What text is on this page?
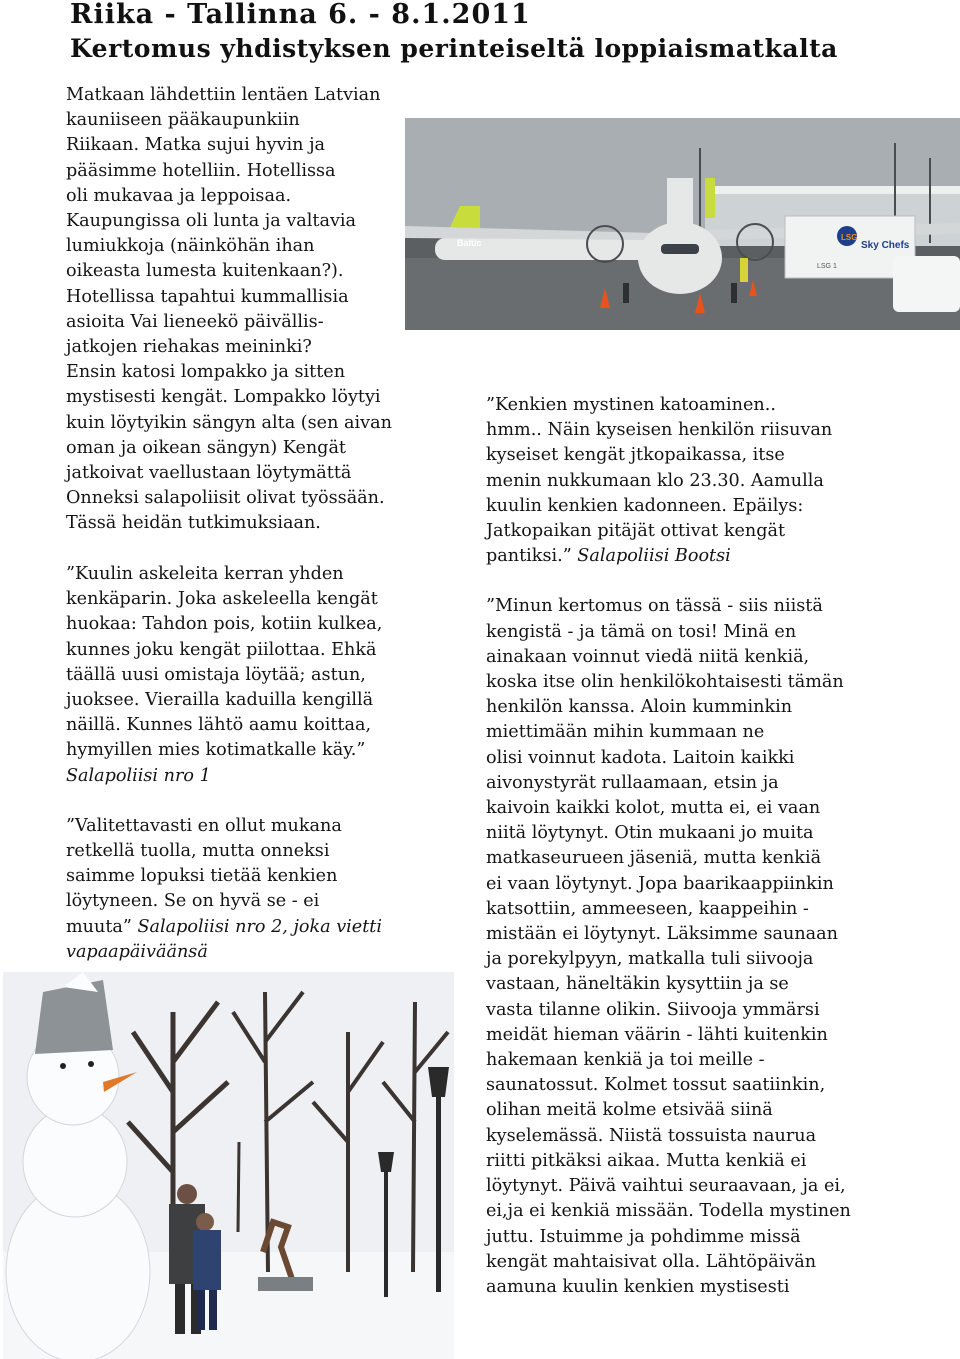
Riika - Tallinna 6. - 8.1.2011
Kertomus yhdistyksen perinteiseltä loppiaismatkalta
Matkaan lähdettiin lentäen Latvian
kauniiseen pääkaupunkiin
Riikaan. Matka sujui hyvin ja
pääsimme hotelliin. Hotellissa
oli mukavaa ja leppoisaa.
Kaupungissa oli lunta ja valtavia
lumiukkoja (näinköhän ihan
oikeasta lumesta kuitenkaan?).
Hotellissa tapahtui kummallisia
asioita Vai lieneekö päivällis-
jatkojen riehakas meininki?
Ensin katosi lompakko ja sitten
mystisesti kengät. Lompakko löytyi
kuin löytyikin sängyn alta (sen aivan
oman ja oikean sängyn) Kengät
jatkoivat vaellustaan löytymättä
Onneksi salapoliisit olivat työssään.
Tässä heidän tutkimuksiaan.
”Kuulin askeleita kerran yhden
kenkäparin. Joka askeleella kengät
huokaa: Tahdon pois, kotiin kulkea,
kunnes joku kengät piilottaa. Ehkä
täällä uusi omistaja löytää; astun,
juoksee. Vierailla kaduilla kengillä
näillä. Kunnes lähtö aamu koittaa,
hymyillen mies kotimatkalle käy.”
Salapoliisi nro 1
”Valitettavasti en ollut mukana
retkellä tuolla, mutta onneksi
saimme lopuksi tietää kenkien
löytyneen. Se on hyvä se - ei
muuta” Salapoliisi nro 2, joka vietti
vapaapäiväänsä
”Kenkien mystinen katoaminen..
hmm.. Näin kyseisen henkilön riisuvan
kyseiset kengät jtkopaikassa, itse
menin nukkumaan klo 23.30. Aamulla
kuulin kenkien kadonneen. Epäilys:
Jatkopaikan pitäjät ottivat kengät
pantiksi.” Salapoliisi Bootsi
”Minun kertomus on tässä - siis niistä
kengistä - ja tämä on tosi! Minä en
ainakaan voinnut viedä niitä kenkiä,
koska itse olin henkilökohtaisesti tämän
henkilön kanssa. Aloin kumminkin
miettimään mihin kummaan ne
olisi voinnut kadota. Laitoin kaikki
aivonystyrät rullaamaan, etsin ja
kaivoin kaikki kolot, mutta ei, ei vaan
niitä löytynyt. Otin mukaani jo muita
matkaseurueen jäseniä, mutta kenkiä
ei vaan löytynyt. Jopa baarikaappiinkin
katsottiin, ammeeseen, kaappeihin -
mistään ei löytynyt. Läksimme saunaan
ja porekylpyyn, matkalla tuli siivooja
vastaan, häneltäkin kysyttiin ja se
vasta tilanne olikin. Siivooja ymmärsi
meidät hieman väärin - lähti kuitenkin
hakemaan kenkiä ja toi meille -
saunatossut. Kolmet tossut saatiinkin,
olihan meitä kolme etsivää siinä
kyselemässä. Niistä tossuista naurua
riitti pitkäksi aikaa. Mutta kenkiä ei
löytynyt. Päivä vaihtui seuraavaan, ja ei,
ei,ja ei kenkiä missään. Todella mystinen
juttu. Istuimme ja pohdimme missä
kengät mahtaisivat olla. Lähtöpäivän
aamuna kuulin kenkien mystisesti
Baltic
LSG
Sky Chefs
LSG 1
